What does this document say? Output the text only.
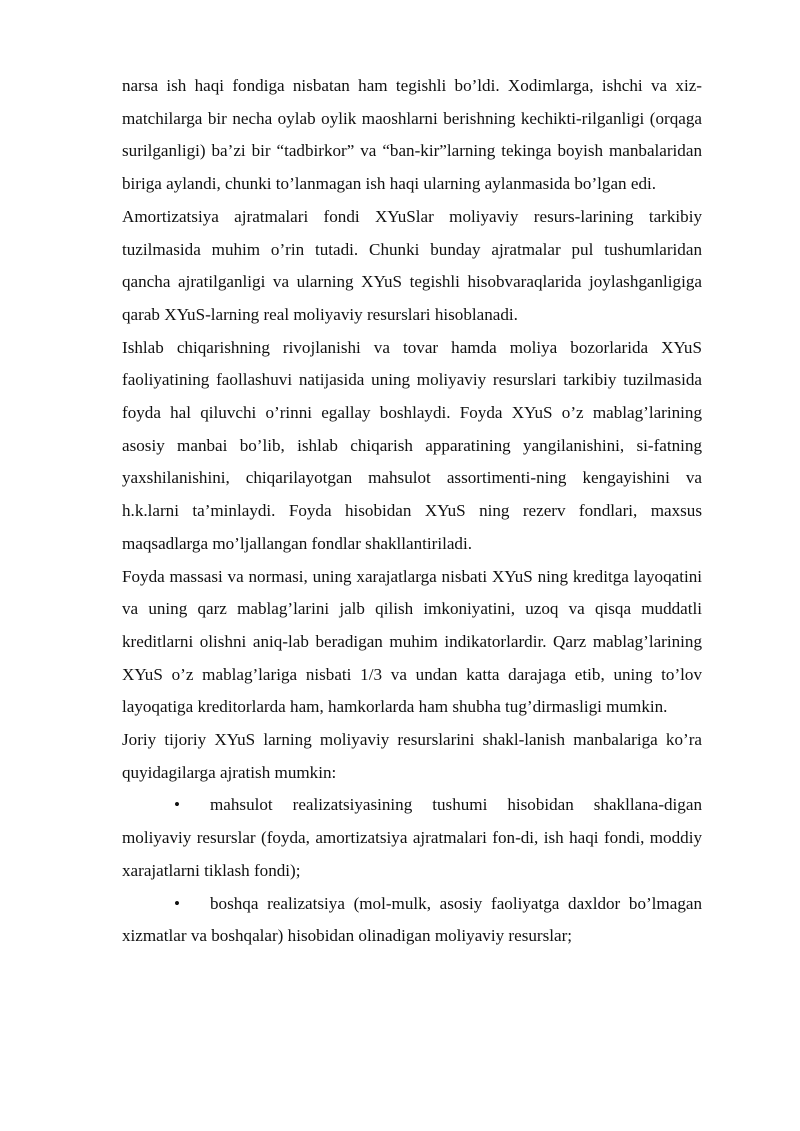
narsa ish haqi fondiga nisbatan ham tegishli bo’ldi. Xodimlarga, ishchi va xiz-matchilarga bir necha oylab oylik maoshlarni berishning kechikti-rilganligi (orqaga surilganligi) ba’zi bir “tadbirkor” va “ban-kir”larning tekinga boyish manbalaridan biriga aylandi, chunki to’lanmagan ish haqi ularning aylanmasida bo’lgan edi.

Amortizatsiya ajratmalari fondi XYuSlar moliyaviy resurs-larining tarkibiy tuzilmasida muhim o’rin tutadi. Chunki bunday ajratmalar pul tushumlaridan qancha ajratilganligi va ularning XYuS tegishli hisobvaraqlarida joylashganligiga qarab XYuS-larning real moliyaviy resurslari hisoblanadi.

Ishlab chiqarishning rivojlanishi va tovar hamda moliya bozorlarida XYuS faoliyatining faollashuvi natijasida uning moliyaviy resurslari tarkibiy tuzilmasida foyda hal qiluvchi o’rinni egallay boshlaydi. Foyda XYuS o’z mablag’larining asosiy manbai bo’lib, ishlab chiqarish apparatining yangilanishini, si-fatning yaxshilanishini, chiqarilayotgan mahsulot assortimenti-ning kengayishini va h.k.larni ta’minlaydi. Foyda hisobidan XYuS ning rezerv fondlari, maxsus maqsadlarga mo’ljallangan fondlar shakllantiriladi.

Foyda massasi va normasi, uning xarajatlarga nisbati XYuS ning kreditga layoqatini va uning qarz mablag’larini jalb qilish imkoniyatini, uzoq va qisqa muddatli kreditlarni olishni aniq-lab beradigan muhim indikatorlardir. Qarz mablag’larining XYuS o’z mablag’lariga nisbati 1/3 va undan katta darajaga etib, uning to’lov layoqatiga kreditorlarda ham, hamkorlarda ham shubha tug’dirmasligi mumkin.

Joriy tijoriy XYuS larning moliyaviy resurslarini shakl-lanish manbalariga ko’ra quyidagilarga ajratish mumkin:

• mahsulot realizatsiyasining tushumi hisobidan shakllana-digan moliyaviy resurslar (foyda, amortizatsiya ajratmalari fon-di, ish haqi fondi, moddiy xarajatlarni tiklash fondi);

• boshqa realizatsiya (mol-mulk, asosiy faoliyatga daxldor bo’lmagan xizmatlar va boshqalar) hisobidan olinadigan moliyaviy resurslar;
